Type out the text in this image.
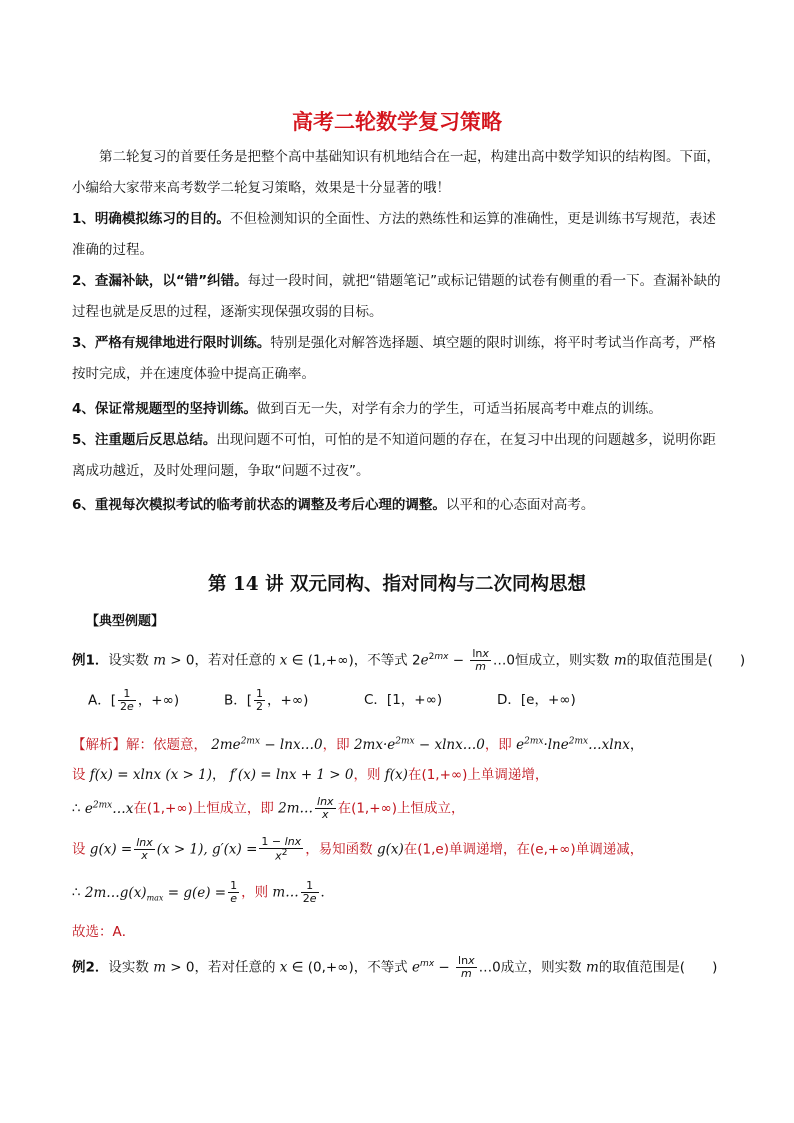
高考二轮数学复习策略
第二轮复习的首要任务是把整个高中基础知识有机地结合在一起，构建出高中数学知识的结构图。下面，小编给大家带来高考数学二轮复习策略，效果是十分显著的哦！
1、明确模拟练习的目的。不但检测知识的全面性、方法的熟练性和运算的准确性，更是训练书写规范，表述准确的过程。
2、查漏补缺，以“错”纠错。每过一段时间，就把“错题笔记”或标记错题的试卷有侧重的看一下。查漏补缺的过程也就是反思的过程，逐渐实现保强攻弱的目标。
3、严格有规律地进行限时训练。特别是强化对解答选择题、填空题的限时训练，将平时考试当作高考，严格按时完成，并在速度体验中提高正确率。
4、保证常规题型的坚持训练。做到百无一失，对学有余力的学生，可适当拓展高考中难点的训练。
5、注重题后反思总结。出现问题不可怕，可怕的是不知道问题的存在，在复习中出现的问题越多，说明你距离成功越近，及时处理问题，争取“问题不过夜”。
6、重视每次模拟考试的临考前状态的调整及考后心理的调整。以平和的心态面对高考。
第 14 讲 双元同构、指对同构与二次同构思想
【典型例题】
例1．设实数 m > 0，若对任意的 x ∈ (1,+∞)，不等式 $2e^{2mx} - \frac{\ln x}{m}$ …0恒成立，则实数 m的取值范围是(　　)
A．[ $\frac{1}{2e}$ ，+∞)	B．[ $\frac{1}{2}$ ，+∞)	C．[1，+∞)	D．[e，+∞)
【解析】解：依题意， $2me^{2mx}$ − lnx…0，即 $2mx\cdot e^{2mx}$ − xlnx…0，即 $e^{2mx}\cdot\ln e^{2mx}\dots xlnx$，
设 f(x) = xlnx (x > 1)， f′(x) = lnx + 1 > 0，则 f(x)在(1,+∞)上单调递增，
∴ $e^{2mx}\dots x$在(1,+∞)上恒成立，即 2m… $\frac{\ln x}{x}$ 在(1,+∞)上恒成立，
设 $g(x) = \frac{\ln x}{x} (x > 1)$, $g'(x) = \frac{1 - \ln x}{x^2}$ ，易知函数 g(x)在(1,e)单调递增，在(e,+∞)单调递减，
∴ $2m\dots g(x)_{max} = g(e) = \frac{1}{e}$ ，则 m… $\frac{1}{2e}$ ．
故选：A．
例2．设实数 m > 0，若对任意的 x ∈ (0,+∞)，不等式 $e^{mx} - \frac{\ln x}{m}$ …0成立，则实数 m的取值范围是(　　)
